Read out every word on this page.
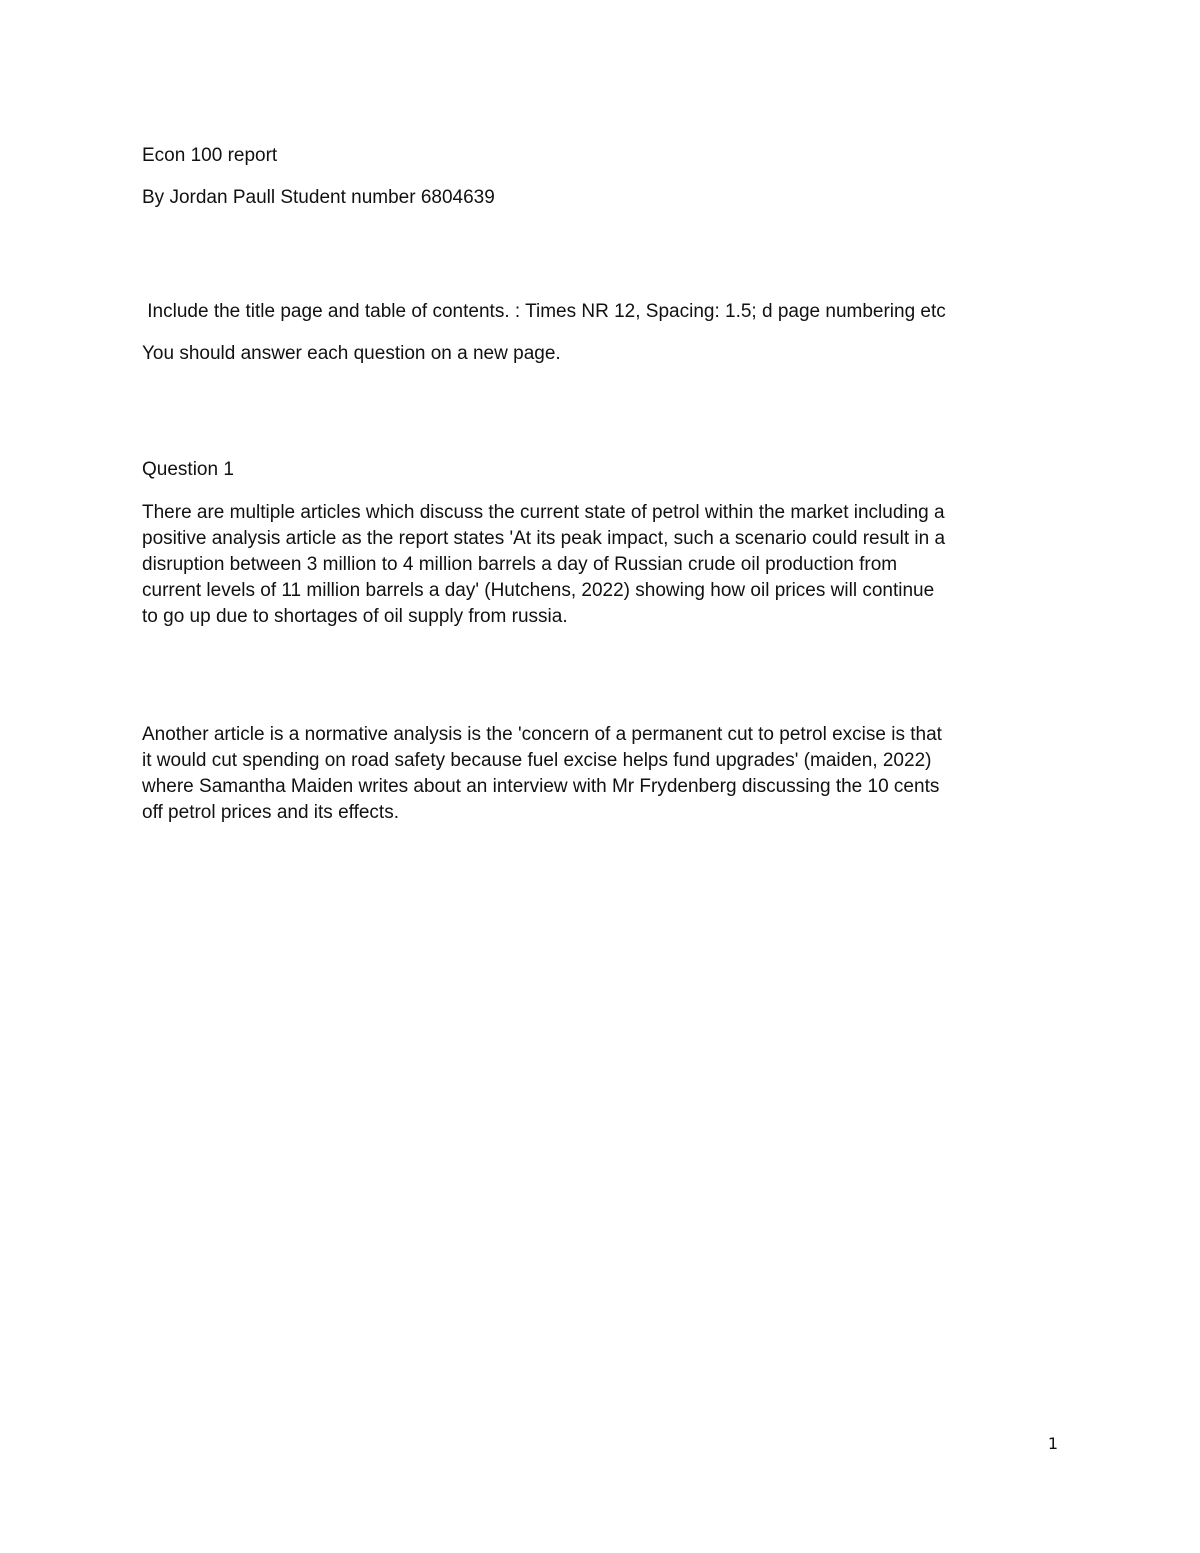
Econ 100 report
By Jordan Paull Student number 6804639
Include the title page and table of contents. : Times NR 12, Spacing: 1.5; d page numbering etc
You should answer each question on a new page.
Question 1
There are multiple articles which discuss the current state of petrol within the market including a
positive analysis article as the report states 'At its peak impact, such a scenario could result in a
disruption between 3 million to 4 million barrels a day of Russian crude oil production from
current levels of 11 million barrels a day' (Hutchens, 2022) showing how oil prices will continue
to go up due to shortages of oil supply from russia.
Another article is a normative analysis is the 'concern of a permanent cut to petrol excise is that
it would cut spending on road safety because fuel excise helps fund upgrades' (maiden, 2022)
where Samantha Maiden writes about an interview with Mr Frydenberg discussing the 10 cents
off petrol prices and its effects.
1
